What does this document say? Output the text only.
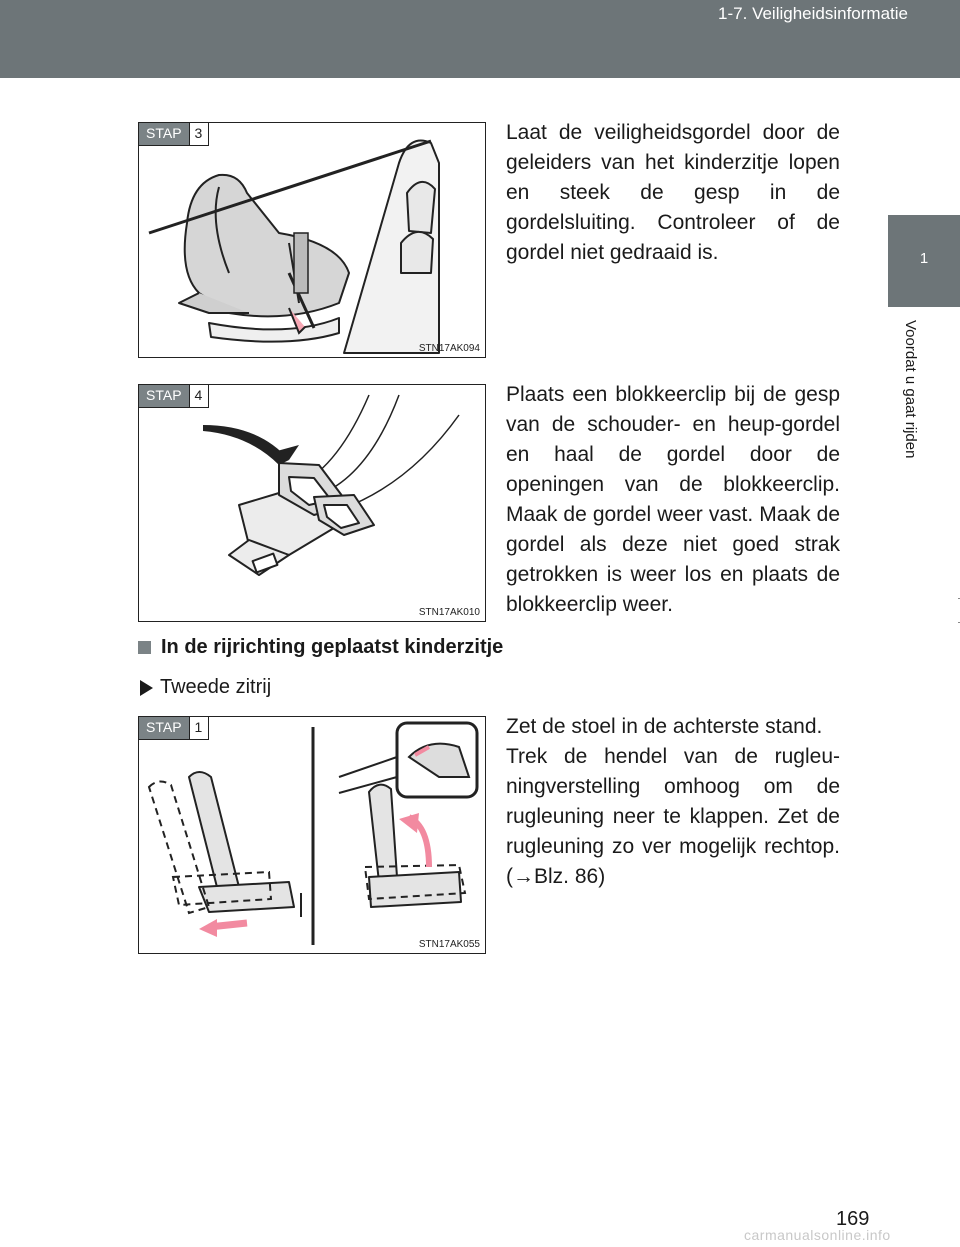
1-7. Veiligheidsinformatie
1
Voordat u gaat rijden
STAP 3
STN17AK094

Laat de veiligheidsgordel door de geleiders van het kinderzitje lopen en steek de gesp in de gordelsluiting. Controleer of de gordel niet gedraaid is.

STAP 4
STN17AK010

Plaats een blokkeerclip bij de gesp van de schouder- en heup-gordel en haal de gordel door de openingen van de blokkeerclip. Maak de gordel weer vast. Maak de gordel als deze niet goed strak getrokken is weer los en plaats de blokkeerclip weer.

In de rijrichting geplaatst kinderzitje
Tweede zitrij
STAP 1
STN17AK055

Zet de stoel in de achterste stand.

Trek de hendel van de rugleu-ningverstelling omhoog om de rugleuning neer te klappen. Zet de rugleuning zo ver mogelijk rechtop. (→Blz. 86)

169
carmanualsonline.info
